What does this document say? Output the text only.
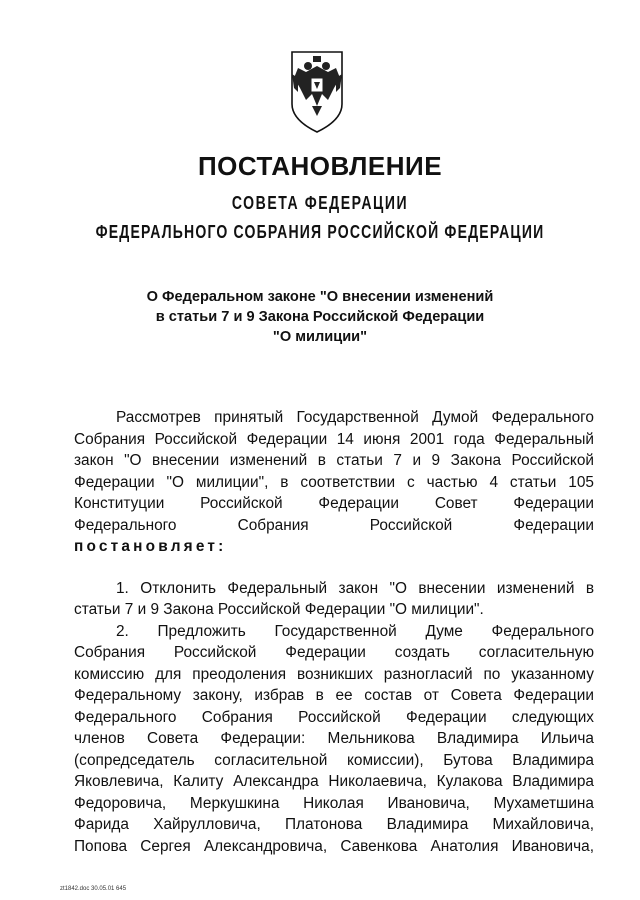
ПОСТАНОВЛЕНИЕ
СОВЕТА ФЕДЕРАЦИИ
ФЕДЕРАЛЬНОГО СОБРАНИЯ РОССИЙСКОЙ ФЕДЕРАЦИИ
О Федеральном законе "О внесении изменений
в статьи 7 и 9 Закона Российской Федерации
"О милиции"
Рассмотрев принятый Государственной Думой Федерального
Собрания Российской Федерации 14 июня 2001 года Федеральный
закон "О внесении изменений в статьи 7 и 9 Закона Российской
Федерации "О милиции", в соответствии с частью 4 статьи 105
Конституции Российской Федерации Совет Федерации
Федерального Собрания Российской Федерации
постановляет:
1. Отклонить Федеральный закон "О внесении изменений в
статьи 7 и 9 Закона Российской Федерации "О милиции".
2. Предложить Государственной Думе Федерального
Собрания Российской Федерации создать согласительную
комиссию для преодоления возникших разногласий по указанному
Федеральному закону, избрав в ее состав от Совета Федерации
Федерального Собрания Российской Федерации следующих
членов Совета Федерации: Мельникова Владимира Ильича
(сопредседатель согласительной комиссии), Бутова Владимира
Яковлевича, Калиту Александра Николаевича, Кулакова Владимира
Федоровича, Меркушкина Николая Ивановича, Мухаметшина
Фарида Хайрулловича, Платонова Владимира Михайловича,
Попова Сергея Александровича, Савенкова Анатолия Ивановича,
zt1842.doc 30.05.01 645
